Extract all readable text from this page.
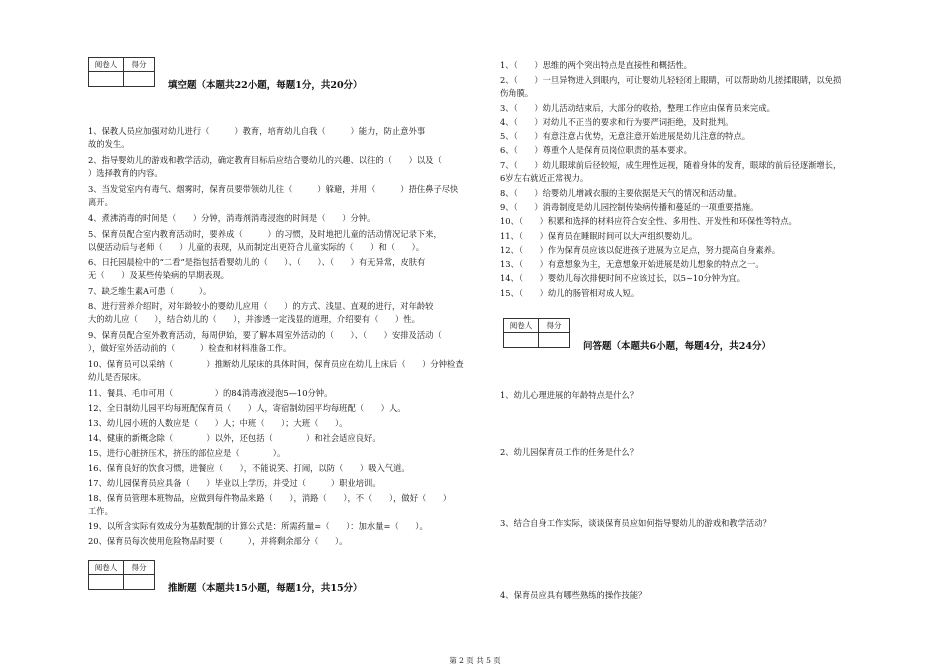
阅卷人	得分

填空题（本题共22小题，每题1分，共20分）
1、保教人员应加强对幼儿进行（　　　）教育，培育幼儿自我（　　　）能力，防止意外事
故的发生。
2、指导婴幼儿的游戏和教学活动，确定教育目标后应结合婴幼儿的兴趣、以往的（　　）以及（
）选择教育的内容。
3、当发觉室内有毒气、烟雾时，保育员要带领幼儿往（　　　）躲避，并用（　　　）捂住鼻子尽快
离开。
4、煮沸消毒的时间是（　　）分钟，消毒剂消毒浸泡的时间是（　　）分钟。
5、保育员配合室内教育活动时，要养成（　　　）的习惯，及时地把儿童的活动情况记录下来，
以便活动后与老师（　　）儿童的表现，从而制定出更符合儿童实际的（　　）和（　　）。
6、日托园晨检中的“二看”是指包括看婴幼儿的（　　）、（　　）、（　　）有无异常，皮肤有
无（　　）及某些传染病的早期表现。
7、缺乏维生素A可患（　　　）。
8、进行营养介绍时，对年龄较小的婴幼儿应用（　　）的方式、浅显、直观的进行，对年龄较
大的幼儿应（　　），结合幼儿的（　　），并渗透一定浅显的道理，介绍要有（　　）性。
9、保育员配合室外教育活动，每周伊始，要了解本周室外活动的（　　）、（　　）安排及活动（
），做好室外活动前的（　　　）检查和材料准备工作。
10、保育员可以采纳（　　　　）推断幼儿尿床的具体时间，保育员应在幼儿上床后（　　）分钟检查
幼儿是否尿床。
11、餐具、毛巾可用（　　　　　）的84消毒液浸泡5—10分钟。
12、全日制幼儿园平均每班配保育员（　　）人，寄宿制幼园平均每班配（　　）人。
13、幼儿园小班的人数应是（　　）人；中班（　　）；大班（　　）。
14、健康的新概念除（　　　　）以外，还包括（　　　　）和社会适应良好。
15、进行心脏挤压术，挤压的部位应是（　　　　）。
16、保育良好的饮食习惯，进餐应（　　），不能说笑、打闹，以防（　　）吸入气道。
17、幼儿园保育员应具备（　　）毕业以上学历，并受过（　　　）职业培训。
18、保育员管理本班物品，应做到每件物品来路（　　），消路（　　），不（　　），做好（　　）
工作。
19、以所含实际有效成分为基数配制的计算公式是：所需药量=（　　）：加水量=（　　）。
20、保育员每次使用危险物品时要（　　　），并将剩余部分（　　）。
阅卷人	得分

推断题（本题共15小题，每题1分，共15分）
1、（　　）思维的两个突出特点是直接性和概括性。
2、（　　）一旦异物进入到眼内，可让婴幼儿轻轻闭上眼睛，可以帮助幼儿搓揉眼睛，以免损
伤角膜。
3、（　　）幼儿活动结束后，大部分的收拾，整理工作应由保育员来完成。
4、（　　）对幼儿不正当的要求和行为要严词拒绝，及时批判。
5、（　　）有意注意占优势，无意注意开始进展是幼儿注意的特点。
6、（　　）尊重个人是保育员岗位职责的基本要求。
7、（　　）幼儿眼球前后径较短，成生理性远视，随着身体的发育，眼球的前后径逐渐增长，
6岁左右就近正常视力。
8、（　　）给婴幼儿增减衣服的主要依据是天气的情况和活动量。
9、（　　）消毒制度是幼儿园控制传染病传播和蔓延的一项重要措施。
10、（　　）积累和选择的材料应符合安全性、多用性、开发性和环保性等特点。
11、（　　）保育员在睡眠时间可以大声组织婴幼儿。
12、（　　）作为保育员应该以促进孩子进展为立足点，努力提高自身素养。
13、（　　）有意想象为主，无意想象开始进展是幼儿想象的特点之一。
14、（　　）婴幼儿每次排便时间不应该过长，以5~10分钟为宜。
15、（　　）幼儿的肠管相对成人短。
阅卷人	得分

问答题（本题共6小题，每题4分，共24分）
1、幼儿心理进展的年龄特点是什么？
2、幼儿园保育员工作的任务是什么？
3、结合自身工作实际，谈谈保育员应如何指导婴幼儿的游戏和教学活动？
4、保育员应具有哪些熟练的操作技能？
第 2 页 共 5 页
